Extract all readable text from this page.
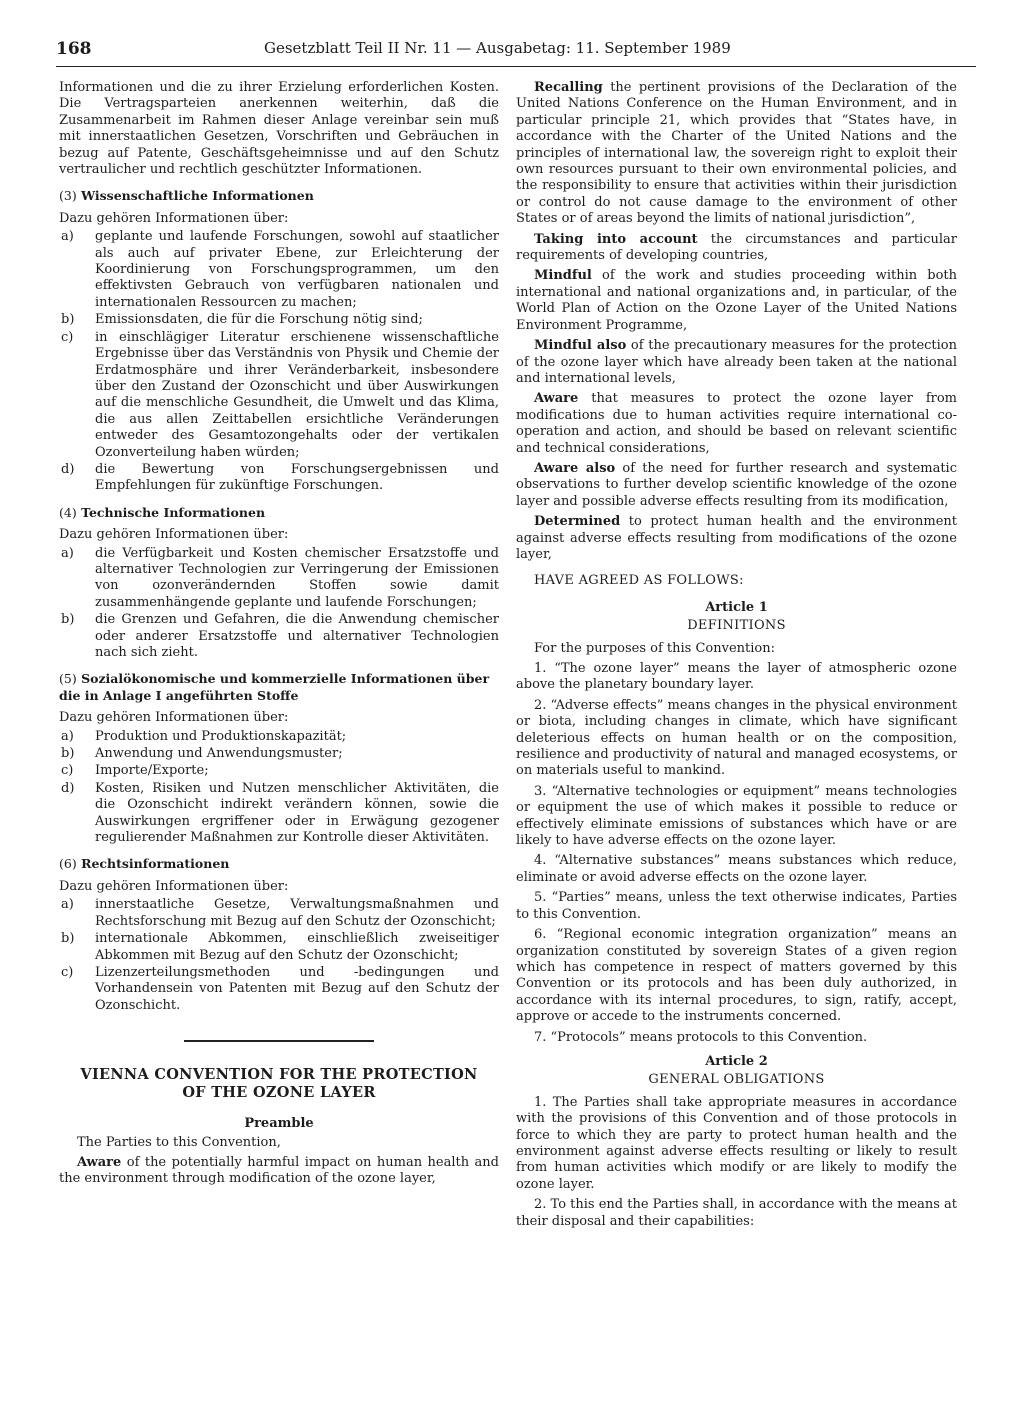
168	Gesetzblatt Teil II Nr. 11 — Ausgabetag: 11. September 1989

Informationen und die zu ihrer Erzielung erforderlichen Kosten. Die Vertragsparteien anerkennen weiterhin, daß die Zusammenarbeit im Rahmen dieser Anlage vereinbar sein muß mit innerstaatlichen Gesetzen, Vorschriften und Gebräuchen in bezug auf Patente, Geschäftsgeheimnisse und auf den Schutz vertraulicher und rechtlich geschützter Informationen.

(3) Wissenschaftliche Informationen

Dazu gehören Informationen über:

a)	geplante und laufende Forschungen, sowohl auf staatlicher als auch auf privater Ebene, zur Erleichterung der Koordinierung von Forschungsprogrammen, um den effektivsten Gebrauch von verfügbaren nationalen und internationalen Ressourcen zu machen;
b)	Emissionsdaten, die für die Forschung nötig sind;
c)	in einschlägiger Literatur erschienene wissenschaftliche Ergebnisse über das Verständnis von Physik und Chemie der Erdatmosphäre und ihrer Veränderbarkeit, insbesondere über den Zustand der Ozonschicht und über Auswirkungen auf die menschliche Gesundheit, die Umwelt und das Klima, die aus allen Zeittabellen ersichtliche Veränderungen entweder des Gesamtozongehalts oder der vertikalen Ozonverteilung haben würden;
d)	die Bewertung von Forschungsergebnissen und Empfehlungen für zukünftige Forschungen.
(4) Technische Informationen

Dazu gehören Informationen über:

a)	die Verfügbarkeit und Kosten chemischer Ersatzstoffe und alternativer Technologien zur Verringerung der Emissionen von ozonverändernden Stoffen sowie damit zusammenhängende geplante und laufende Forschungen;
b)	die Grenzen und Gefahren, die die Anwendung chemischer oder anderer Ersatzstoffe und alternativer Technologien nach sich zieht.
(5) Sozialökonomische und kommerzielle Informationen über die in Anlage I angeführten Stoffe

Dazu gehören Informationen über:

a)	Produktion und Produktionskapazität;
b)	Anwendung und Anwendungsmuster;
c)	Importe/Exporte;
d)	Kosten, Risiken und Nutzen menschlicher Aktivitäten, die die Ozonschicht indirekt verändern können, sowie die Auswirkungen ergriffener oder in Erwägung gezogener regulierender Maßnahmen zur Kontrolle dieser Aktivitäten.
(6) Rechtsinformationen

Dazu gehören Informationen über:

a)	innerstaatliche Gesetze, Verwaltungsmaßnahmen und Rechtsforschung mit Bezug auf den Schutz der Ozonschicht;
b)	internationale Abkommen, einschließlich zweiseitiger Abkommen mit Bezug auf den Schutz der Ozonschicht;
c)	Lizenzerteilungsmethoden und -bedingungen und Vorhandensein von Patenten mit Bezug auf den Schutz der Ozonschicht.
VIENNA CONVENTION FOR THE PROTECTION
OF THE OZONE LAYER

Preamble

The Parties to this Convention,

Aware of the potentially harmful impact on human health and the environment through modification of the ozone layer,

Recalling the pertinent provisions of the Declaration of the United Nations Conference on the Human Environment, and in particular principle 21, which provides that “States have, in accordance with the Charter of the United Nations and the principles of international law, the sovereign right to exploit their own resources pursuant to their own environmental policies, and the responsibility to ensure that activities within their jurisdiction or control do not cause damage to the environment of other States or of areas beyond the limits of national jurisdiction”,

Taking into account the circumstances and particular requirements of developing countries,

Mindful of the work and studies proceeding within both international and national organizations and, in particular, of the World Plan of Action on the Ozone Layer of the United Nations Environment Programme,

Mindful also of the precautionary measures for the protection of the ozone layer which have already been taken at the national and international levels,

Aware that measures to protect the ozone layer from modifications due to human activities require international co-operation and action, and should be based on relevant scientific and technical considerations,

Aware also of the need for further research and systematic observations to further develop scientific knowledge of the ozone layer and possible adverse effects resulting from its modification,

Determined to protect human health and the environment against adverse effects resulting from modifications of the ozone layer,

HAVE AGREED AS FOLLOWS:

Article 1

DEFINITIONS

For the purposes of this Convention:

1. “The ozone layer” means the layer of atmospheric ozone above the planetary boundary layer.

2. “Adverse effects” means changes in the physical environment or biota, including changes in climate, which have significant deleterious effects on human health or on the composition, resilience and productivity of natural and managed ecosystems, or on materials useful to mankind.

3. “Alternative technologies or equipment” means technologies or equipment the use of which makes it possible to reduce or effectively eliminate emissions of substances which have or are likely to have adverse effects on the ozone layer.

4. “Alternative substances” means substances which reduce, eliminate or avoid adverse effects on the ozone layer.

5. “Parties” means, unless the text otherwise indicates, Parties to this Convention.

6. “Regional economic integration organization” means an organization constituted by sovereign States of a given region which has competence in respect of matters governed by this Convention or its protocols and has been duly authorized, in accordance with its internal procedures, to sign, ratify, accept, approve or accede to the instruments concerned.

7. “Protocols” means protocols to this Convention.

Article 2

GENERAL OBLIGATIONS

1. The Parties shall take appropriate measures in accordance with the provisions of this Convention and of those protocols in force to which they are party to protect human health and the environment against adverse effects resulting or likely to result from human activities which modify or are likely to modify the ozone layer.

2. To this end the Parties shall, in accordance with the means at their disposal and their capabilities:
